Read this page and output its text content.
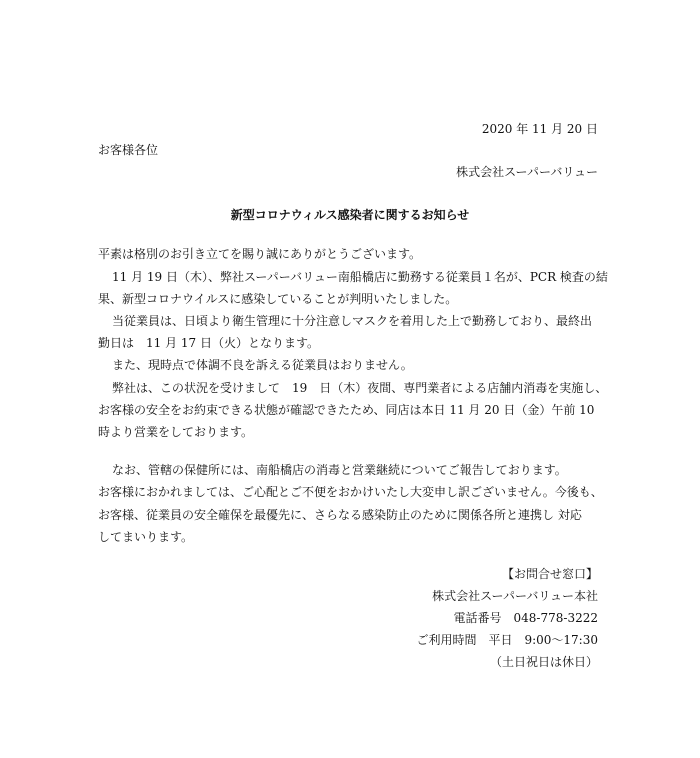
2020 年 11 月 20 日

お客様各位

株式会社スーパーバリュー

新型コロナウィルス感染者に関するお知らせ

平素は格別のお引き立てを賜り誠にありがとうございます。

11 月 19 日（木）、弊社スーパーバリュー南船橋店に勤務する従業員１名が、PCR 検査の結

果、新型コロナウイルスに感染していることが判明いたしました。

当従業員は、日頃より衛生管理に十分注意しマスクを着用した上で勤務しており、最終出

勤日は　11 月 17 日（火）となります。

また、現時点で体調不良を訴える従業員はおりません。

弊社は、この状況を受けまして　19　日（木）夜間、専門業者による店舗内消毒を実施し、

お客様の安全をお約束できる状態が確認できたため、同店は本日 11 月 20 日（金）午前 10

時より営業をしております。

なお、管轄の保健所には、南船橋店の消毒と営業継続についてご報告しております。

お客様におかれましては、ご心配とご不便をおかけいたし大変申し訳ございません。今後も、

お客様、従業員の安全確保を最優先に、さらなる感染防止のために関係各所と連携し 対応

してまいります。

【お問合せ窓口】

株式会社スーパーバリュー本社

電話番号　048-778-3222

ご利用時間　平日　9:00～17:30

（土日祝日は休日）
